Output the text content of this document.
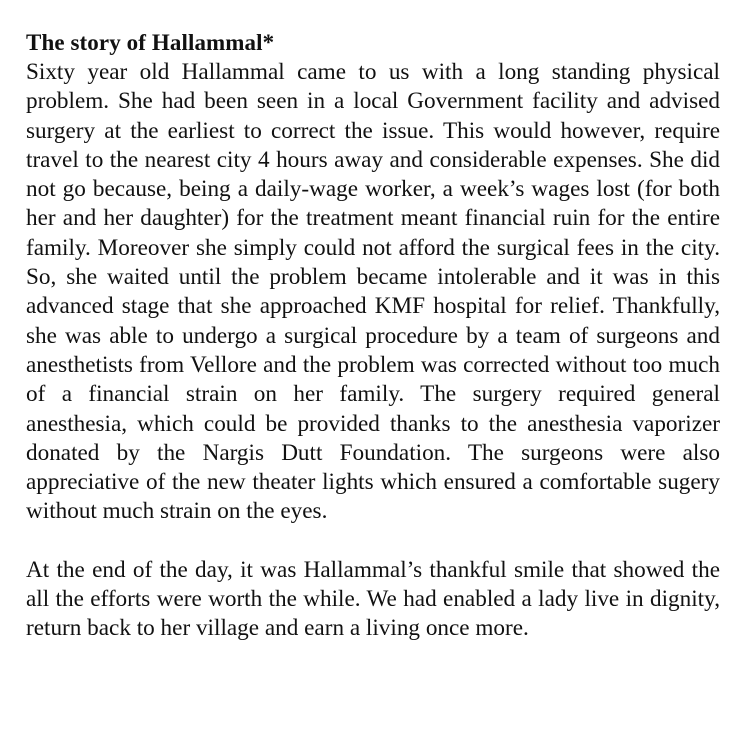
The story of Hallammal*

Sixty year old Hallammal came to us with a long standing physical problem. She had been seen in a local Government facility and advised surgery at the earliest to correct the issue. This would however, require travel to the nearest city 4 hours away and considerable expenses. She did not go because, being a daily-wage worker, a week’s wages lost (for both her and her daughter) for the treatment meant financial ruin for the entire family. Moreover she simply could not afford the surgical fees in the city. So, she waited until the problem became intolerable and it was in this advanced stage that she approached KMF hospital for relief. Thankfully, she was able to undergo a surgical procedure by a team of surgeons and anesthetists from Vellore and the problem was corrected without too much of a financial strain on her family. The surgery required general anesthesia, which could be provided thanks to the anesthesia vaporizer donated by the Nargis Dutt Foundation. The surgeons were also appreciative of the new theater lights which ensured a comfortable sugery without much strain on the eyes.

At the end of the day, it was Hallammal’s thankful smile that showed the all the efforts were worth the while. We had enabled a lady live in dignity, return back to her village and earn a living once more.
